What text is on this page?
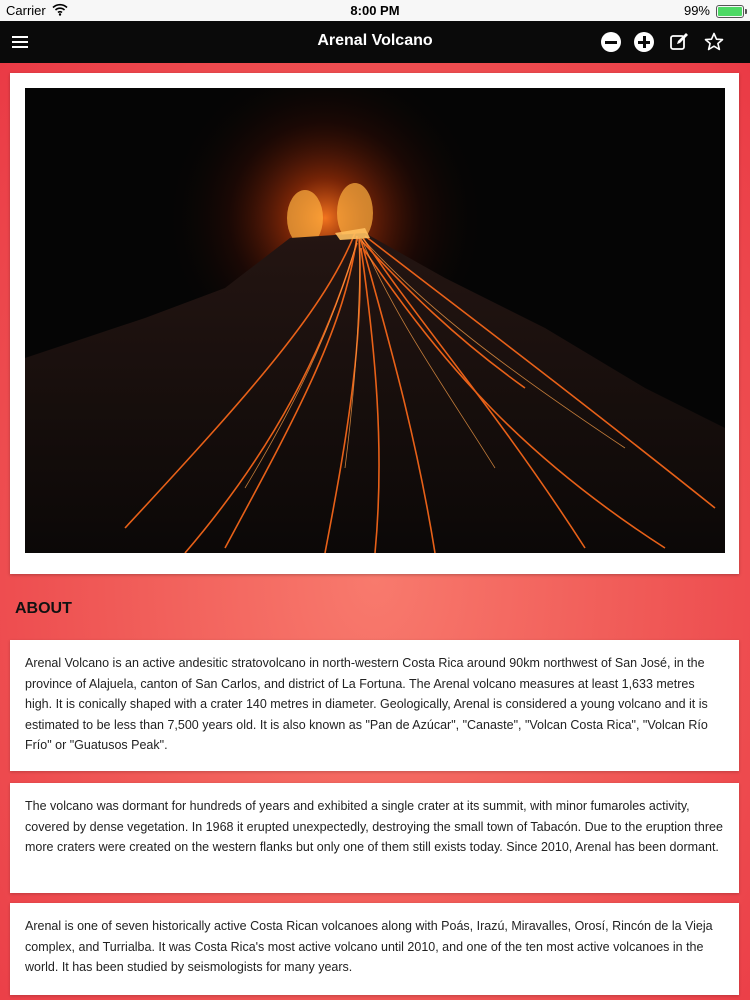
Carrier	8:00 PM	99%
Arenal Volcano
ABOUT

Arenal Volcano is an active andesitic stratovolcano in north-western Costa Rica around 90km northwest of San José, in the province of Alajuela, canton of San Carlos, and district of La Fortuna. The Arenal volcano measures at least 1,633 metres high. It is conically shaped with a crater 140 metres in diameter. Geologically, Arenal is considered a young volcano and it is estimated to be less than 7,500 years old. It is also known as "Pan de Azúcar", "Canaste", "Volcan Costa Rica", "Volcan Río Frío" or "Guatusos Peak".

The volcano was dormant for hundreds of years and exhibited a single crater at its summit, with minor fumaroles activity, covered by dense vegetation. In 1968 it erupted unexpectedly, destroying the small town of Tabacón. Due to the eruption three more craters were created on the western flanks but only one of them still exists today. Since 2010, Arenal has been dormant.

Arenal is one of seven historically active Costa Rican volcanoes along with Poás, Irazú, Miravalles, Orosí, Rincón de la Vieja complex, and Turrialba. It was Costa Rica's most active volcano until 2010, and one of the ten most active volcanoes in the world. It has been studied by seismologists for many years.
